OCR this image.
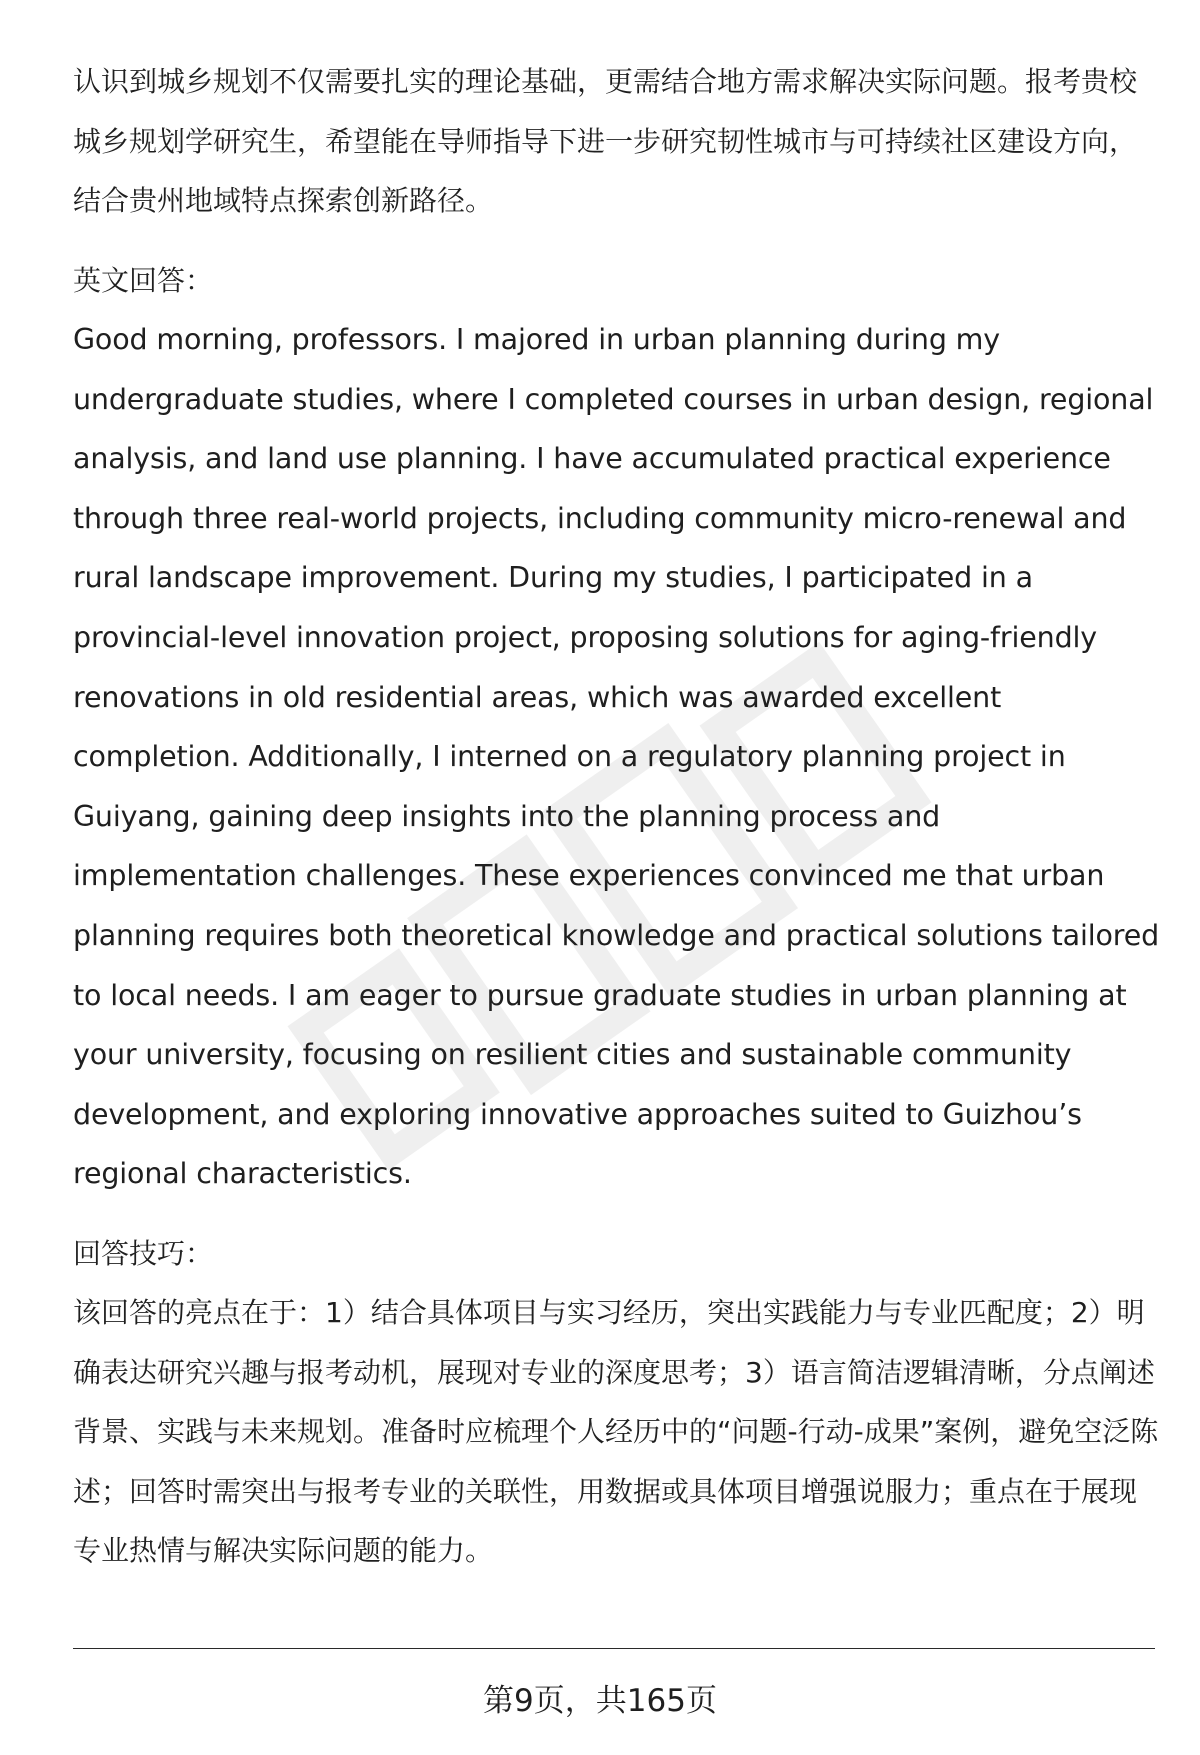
认识到城乡规划不仅需要扎实的理论基础，更需结合地方需求解决实际问题。报考贵校城乡规划学研究生，希望能在导师指导下进一步研究韧性城市与可持续社区建设方向，结合贵州地域特点探索创新路径。

英文回答：

Good morning, professors. I majored in urban planning during my undergraduate studies, where I completed courses in urban design, regional analysis, and land use planning. I have accumulated practical experience through three real-world projects, including community micro-renewal and rural landscape improvement. During my studies, I participated in a provincial-level innovation project, proposing solutions for aging-friendly renovations in old residential areas, which was awarded excellent completion. Additionally, I interned on a regulatory planning project in Guiyang, gaining deep insights into the planning process and implementation challenges. These experiences convinced me that urban planning requires both theoretical knowledge and practical solutions tailored to local needs. I am eager to pursue graduate studies in urban planning at your university, focusing on resilient cities and sustainable community development, and exploring innovative approaches suited to Guizhou’s regional characteristics.

回答技巧：

该回答的亮点在于：1）结合具体项目与实习经历，突出实践能力与专业匹配度；2）明确表达研究兴趣与报考动机，展现对专业的深度思考；3）语言简洁逻辑清晰，分点阐述背景、实践与未来规划。准备时应梳理个人经历中的“问题-行动-成果”案例，避免空泛陈述；回答时需突出与报考专业的关联性，用数据或具体项目增强说服力；重点在于展现专业热情与解决实际问题的能力。

第9页，共165页
